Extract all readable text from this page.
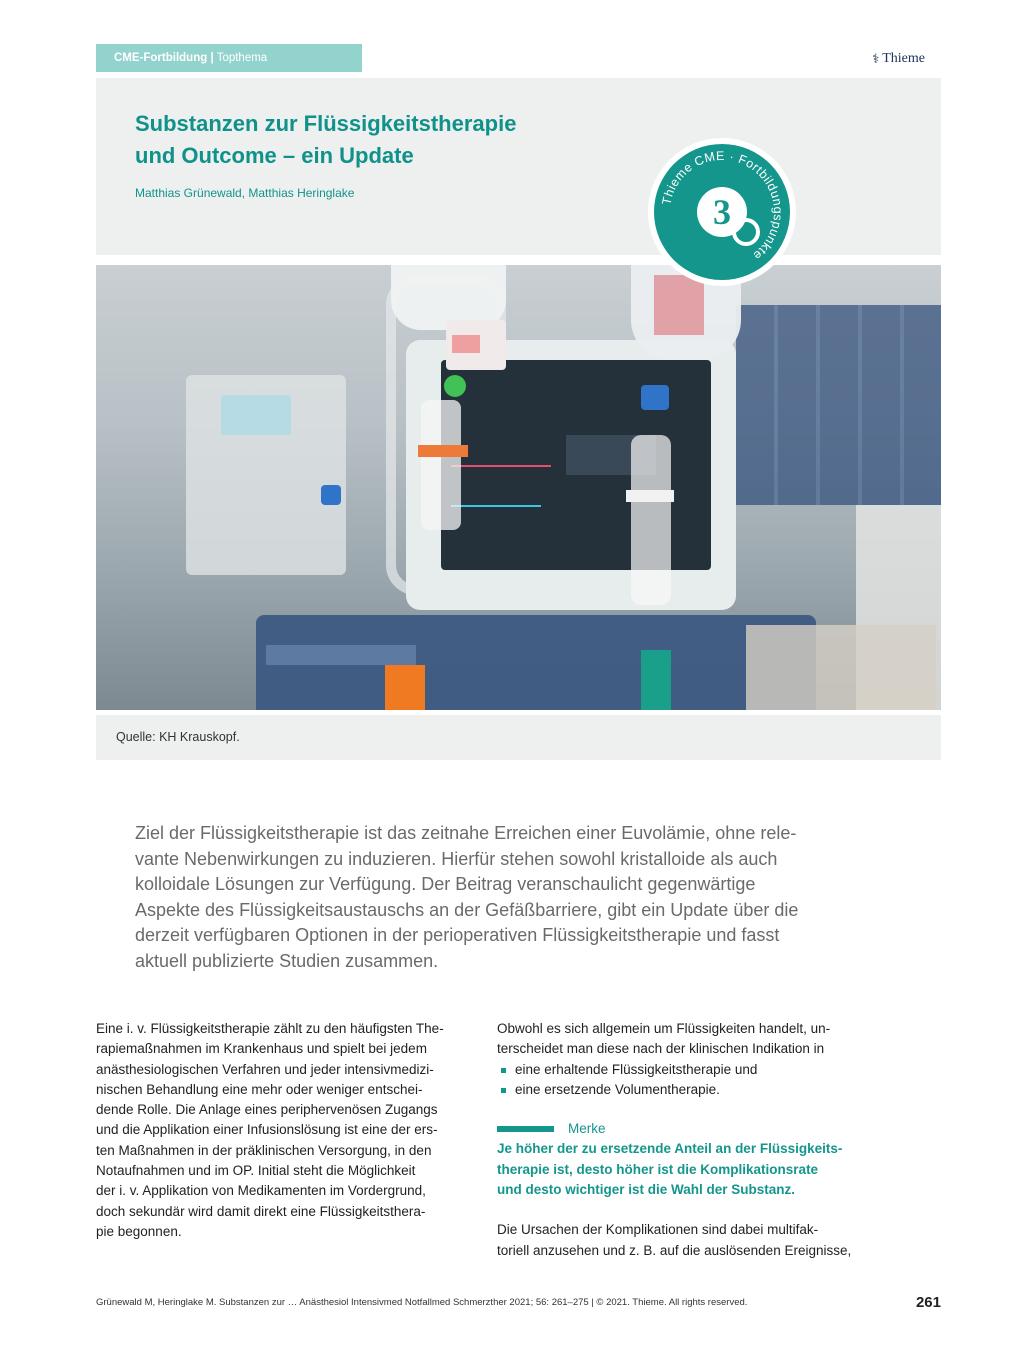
CME-Fortbildung | Topthema	⚕ Thieme
Substanzen zur Flüssigkeitstherapie
und Outcome – ein Update
Matthias Grünewald, Matthias Heringlake
Thieme CME · Fortbildungspunkte
3
Quelle: KH Krauskopf.

Ziel der Flüssigkeitstherapie ist das zeitnahe Erreichen einer Euvolämie, ohne rele-

vante Nebenwirkungen zu induzieren. Hierfür stehen sowohl kristalloide als auch

kolloidale Lösungen zur Verfügung. Der Beitrag veranschaulicht gegenwärtige

Aspekte des Flüssigkeitsaustauschs an der Gefäßbarriere, gibt ein Update über die

derzeit verfügbaren Optionen in der perioperativen Flüssigkeitstherapie und fasst

aktuell publizierte Studien zusammen.

Eine i. v. Flüssigkeitstherapie zählt zu den häufigsten The-

rapiemaßnahmen im Krankenhaus und spielt bei jedem

anästhesiologischen Verfahren und jeder intensivmedizi-

nischen Behandlung eine mehr oder weniger entschei-

dende Rolle. Die Anlage eines periphervenösen Zugangs

und die Applikation einer Infusionslösung ist eine der ers-

ten Maßnahmen in der präklinischen Versorgung, in den

Notaufnahmen und im OP. Initial steht die Möglichkeit

der i. v. Applikation von Medikamenten im Vordergrund,

doch sekundär wird damit direkt eine Flüssigkeitsthera-

pie begonnen.

Obwohl es sich allgemein um Flüssigkeiten handelt, un-

terscheidet man diese nach der klinischen Indikation in

eine erhaltende Flüssigkeitstherapie und
eine ersetzende Volumentherapie.
Merke

Je höher der zu ersetzende Anteil an der Flüssigkeits-

therapie ist, desto höher ist die Komplikationsrate

und desto wichtiger ist die Wahl der Substanz.

Die Ursachen der Komplikationen sind dabei multifak-

toriell anzusehen und z. B. auf die auslösenden Ereignisse,

Grünewald M, Heringlake M. Substanzen zur … Anästhesiol Intensivmed Notfallmed Schmerzther 2021; 56: 261–275 | © 2021. Thieme. All rights reserved.	261
